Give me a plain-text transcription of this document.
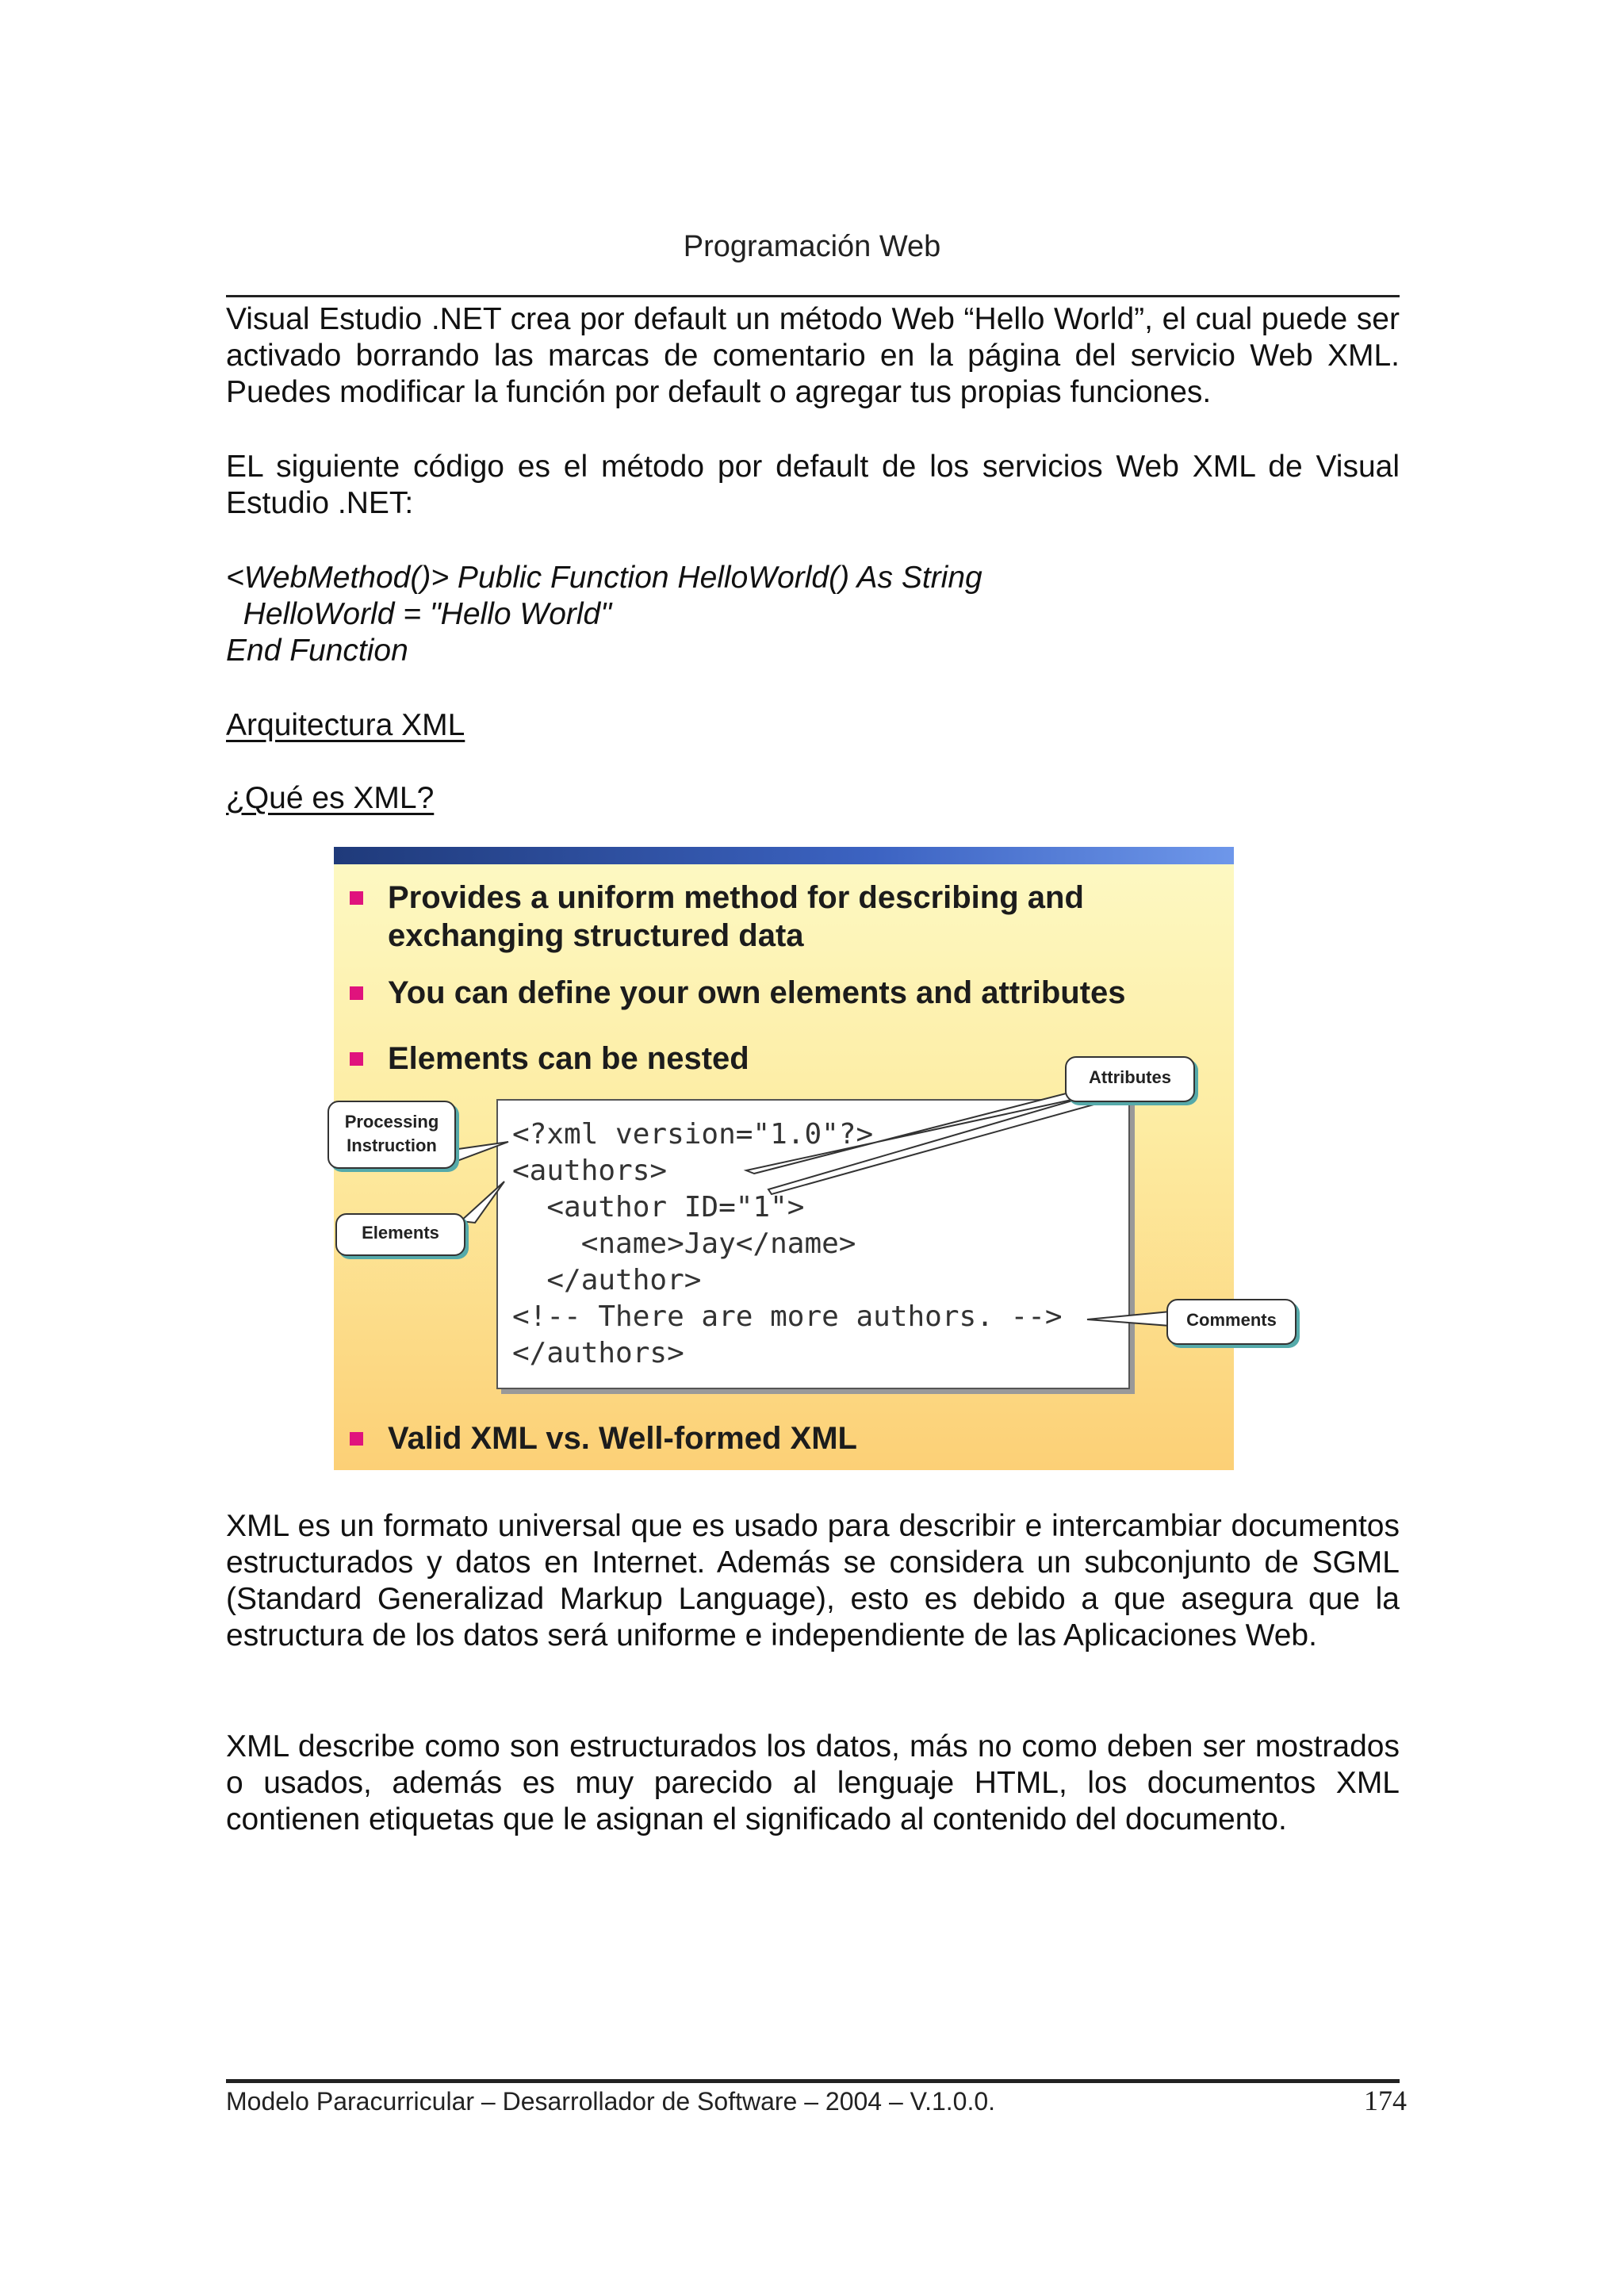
Programación Web

Visual Estudio .NET crea por default un método Web “Hello World”, el cual puede ser activado borrando las marcas de comentario en la página del servicio Web XML. Puedes modificar la función por default o agregar tus propias funciones.

EL siguiente código es el método por default de los servicios Web XML de Visual Estudio .NET:

<WebMethod()> Public Function HelloWorld() As String
HelloWorld = "Hello World"
End Function
Arquitectura XML
¿Qué es XML?
Provides a uniform method for describing and
exchanging structured data
You can define your own elements and attributes
Elements can be nested
<?xml version="1.0"?>
<authors>
<author ID="1">
<name>Jay</name>
</author>
<!-- There are more authors. -->
</authors>
Processing
Instruction
Elements
Attributes
Comments
Valid XML vs. Well-formed XML

XML es un formato universal que es usado para describir e intercambiar documentos estructurados y datos en Internet. Además se considera un subconjunto de SGML (Standard Generalizad Markup Language), esto es debido a que asegura que la estructura de los datos será uniforme e independiente de las Aplicaciones Web.

XML describe como son estructurados los datos, más no como deben ser mostrados o usados, además es muy parecido al lenguaje HTML, los documentos XML contienen etiquetas que le asignan el significado al contenido del documento.

Modelo Paracurricular – Desarrollador de Software – 2004 – V.1.0.0.	174
